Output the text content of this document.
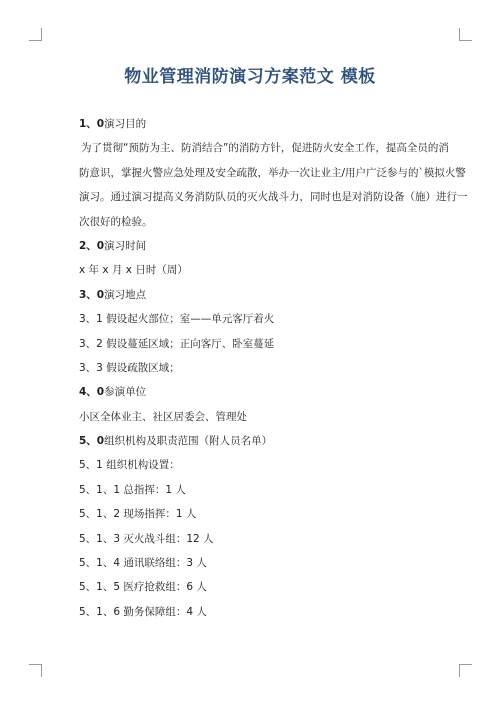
物业管理消防演习方案范文 模板
1、0演习目的
为了贯彻“预防为主、防消结合”的消防方针，促进防火安全工作，提高全员的消
防意识，掌握火警应急处理及安全疏散，举办一次让业主/用户广泛参与的`模拟火警
演习。通过演习提高义务消防队员的灭火战斗力，同时也是对消防设备（施）进行一
次很好的检验。
2、0演习时间
x 年 x 月 x 日时（周）
3、0演习地点
3、1 假设起火部位；室——单元客厅着火
3、2 假设蔓延区域；正向客厅、卧室蔓延
3、3 假设疏散区域；
4、0参演单位
小区全体业主、社区居委会、管理处
5、0组织机构及职责范围（附人员名单）
5、1 组织机构设置：
5、1、1 总指挥：1 人
5、1、2 现场指挥：1 人
5、1、3 灭火战斗组：12 人
5、1、4 通讯联络组：3 人
5、1、5 医疗抢救组：6 人
5、1、6 勤务保障组：4 人
